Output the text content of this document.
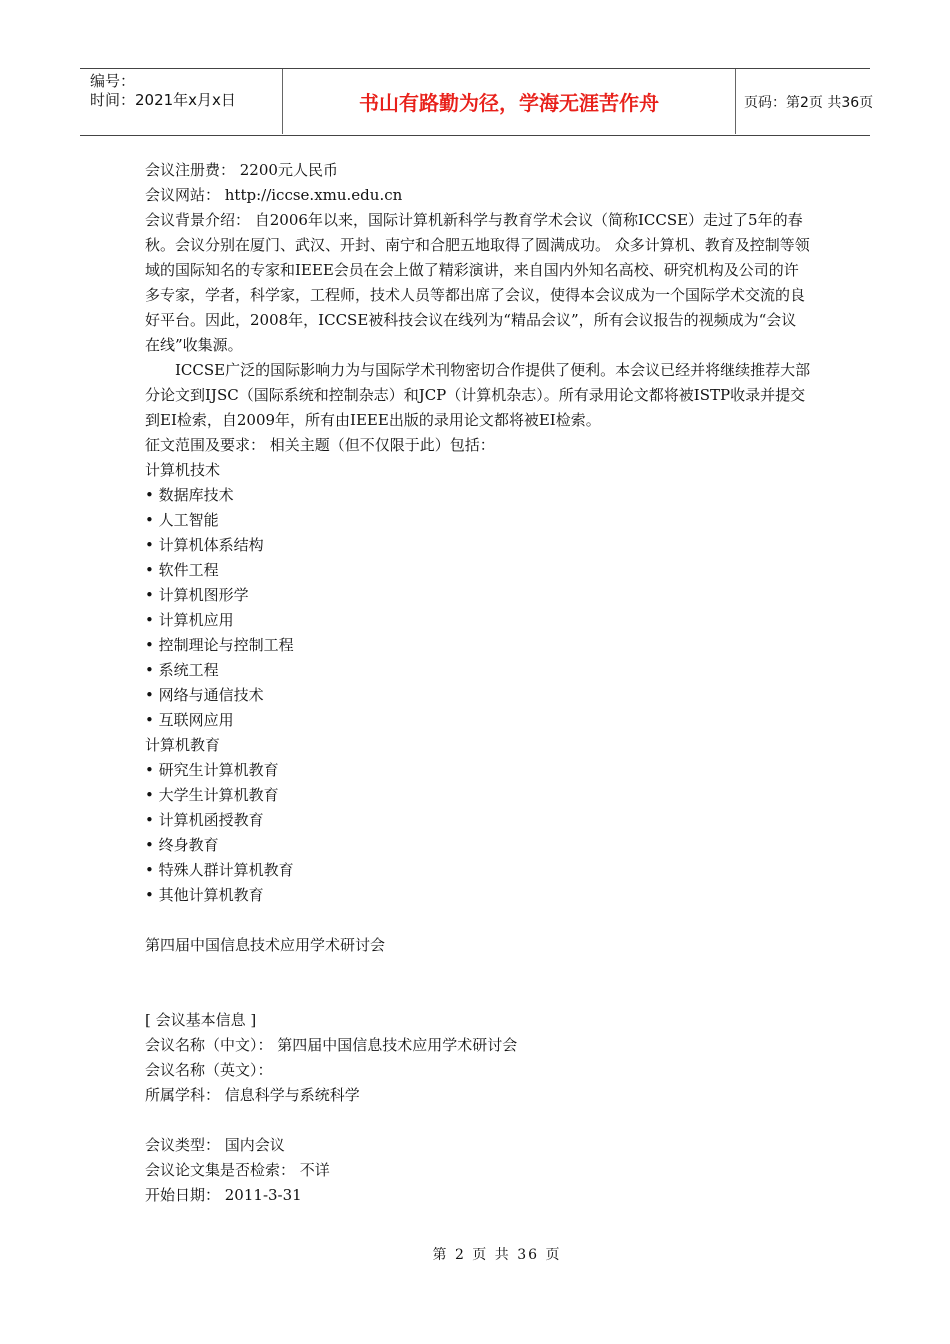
编号：
时间：2021年x月x日	书山有路勤为径，学海无涯苦作舟	页码：第2页 共36页

会议注册费： 2200元人民币

会议网站： http://iccse.xmu.edu.cn

会议背景介绍： 自2006年以来，国际计算机新科学与教育学术会议（简称ICCSE）走过了5年的春秋。会议分别在厦门、武汉、开封、南宁和合肥五地取得了圆满成功。 众多计算机、教育及控制等领域的国际知名的专家和IEEE会员在会上做了精彩演讲，来自国内外知名高校、研究机构及公司的许多专家，学者，科学家，工程师，技术人员等都出席了会议，使得本会议成为一个国际学术交流的良好平台。因此，2008年，ICCSE被科技会议在线列为“精品会议”，所有会议报告的视频成为“会议在线”收集源。

ICCSE广泛的国际影响力为与国际学术刊物密切合作提供了便利。本会议已经并将继续推荐大部分论文到IJSC（国际系统和控制杂志）和JCP（计算机杂志）。所有录用论文都将被ISTP收录并提交到EI检索，自2009年，所有由IEEE出版的录用论文都将被EI检索。

征文范围及要求： 相关主题（但不仅限于此）包括：

计算机技术

• 数据库技术

• 人工智能

• 计算机体系结构

• 软件工程

• 计算机图形学

• 计算机应用

• 控制理论与控制工程

• 系统工程

• 网络与通信技术

• 互联网应用

计算机教育

• 研究生计算机教育

• 大学生计算机教育

• 计算机函授教育

• 终身教育

• 特殊人群计算机教育

• 其他计算机教育

第四届中国信息技术应用学术研讨会

[ 会议基本信息 ]

会议名称（中文）： 第四届中国信息技术应用学术研讨会

会议名称（英文）：

所属学科： 信息科学与系统科学

会议类型： 国内会议

会议论文集是否检索： 不详

开始日期： 2011-3-31

第 2 页 共 36 页
